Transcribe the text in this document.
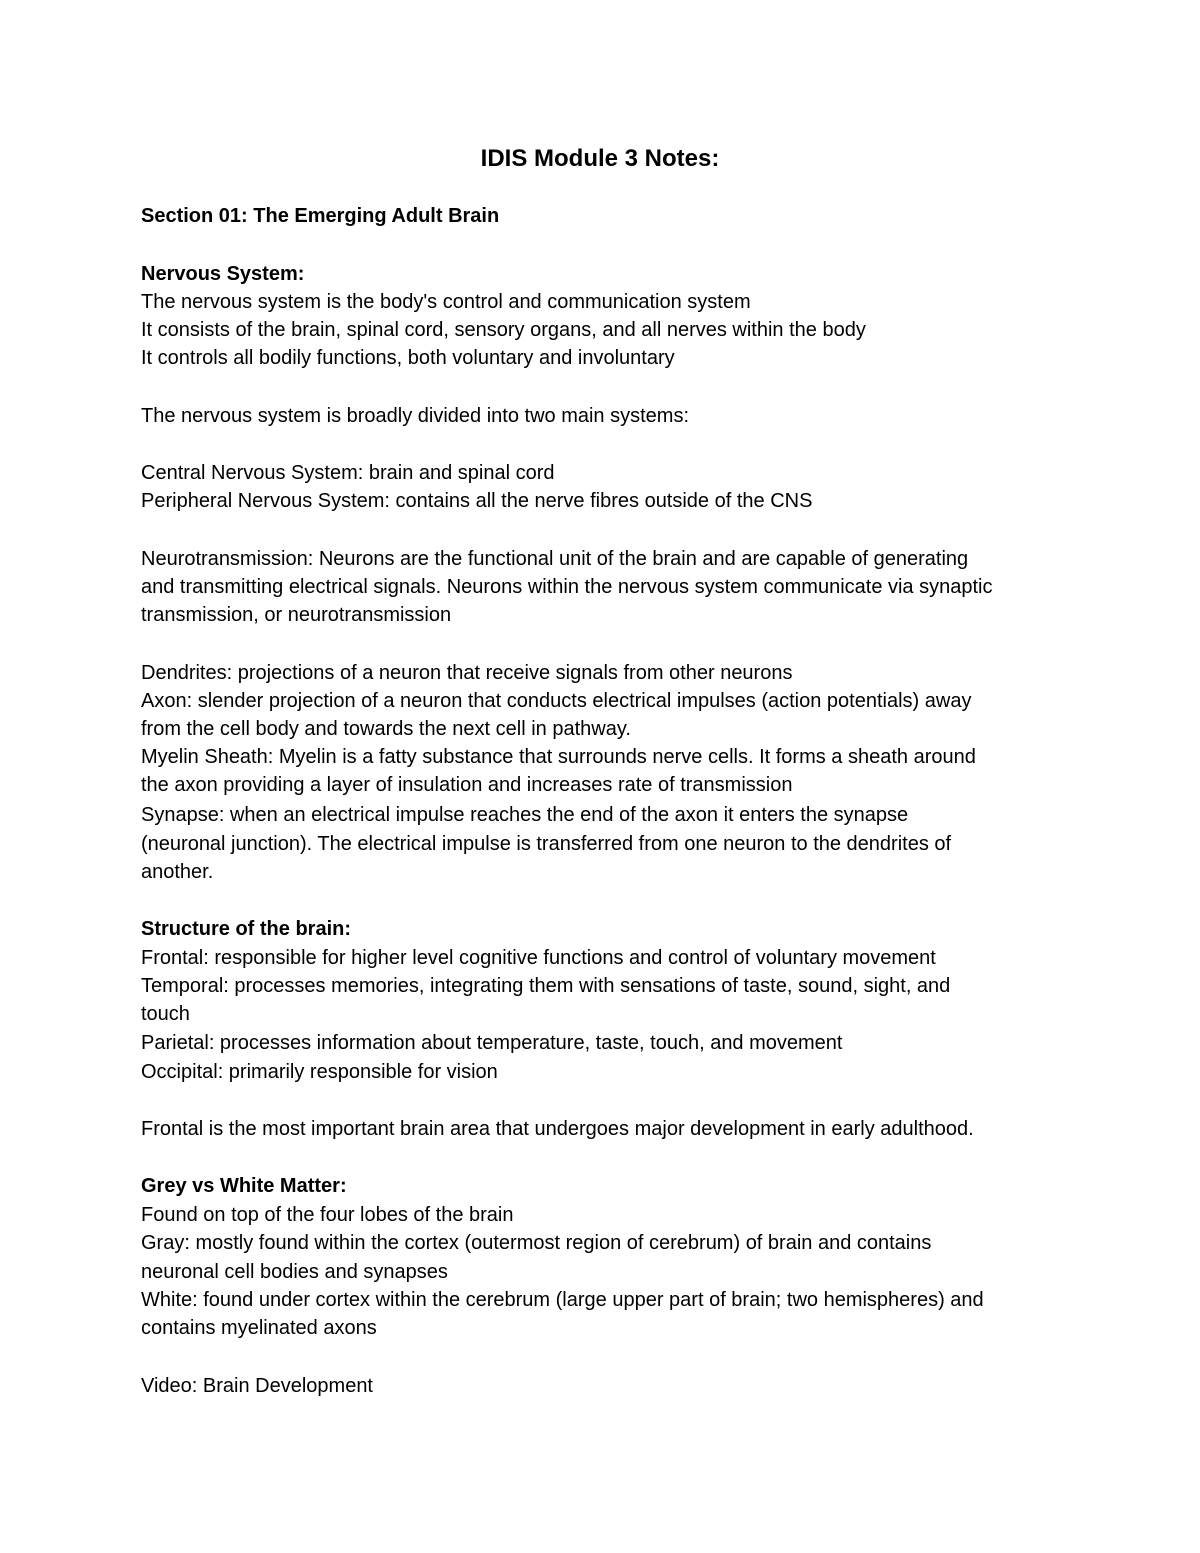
IDIS Module 3 Notes:
Section 01: The Emerging Adult Brain
Nervous System:
The nervous system is the body's control and communication system
It consists of the brain, spinal cord, sensory organs, and all nerves within the body
It controls all bodily functions, both voluntary and involuntary
The nervous system is broadly divided into two main systems:
Central Nervous System: brain and spinal cord
Peripheral Nervous System: contains all the nerve fibres outside of the CNS
Neurotransmission: Neurons are the functional unit of the brain and are capable of generating
and transmitting electrical signals. Neurons within the nervous system communicate via synaptic
transmission, or neurotransmission
Dendrites: projections of a neuron that receive signals from other neurons
Axon: slender projection of a neuron that conducts electrical impulses (action potentials) away
from the cell body and towards the next cell in pathway.
Myelin Sheath: Myelin is a fatty substance that surrounds nerve cells. It forms a sheath around
the axon providing a layer of insulation and increases rate of transmission
Synapse: when an electrical impulse reaches the end of the axon it enters the synapse
(neuronal junction). The electrical impulse is transferred from one neuron to the dendrites of
another.
Structure of the brain:
Frontal: responsible for higher level cognitive functions and control of voluntary movement
Temporal: processes memories, integrating them with sensations of taste, sound, sight, and
touch
Parietal: processes information about temperature, taste, touch, and movement
Occipital: primarily responsible for vision
Frontal is the most important brain area that undergoes major development in early adulthood.
Grey vs White Matter:
Found on top of the four lobes of the brain
Gray: mostly found within the cortex (outermost region of cerebrum) of brain and contains
neuronal cell bodies and synapses
White: found under cortex within the cerebrum (large upper part of brain; two hemispheres) and
contains myelinated axons
Video: Brain Development
